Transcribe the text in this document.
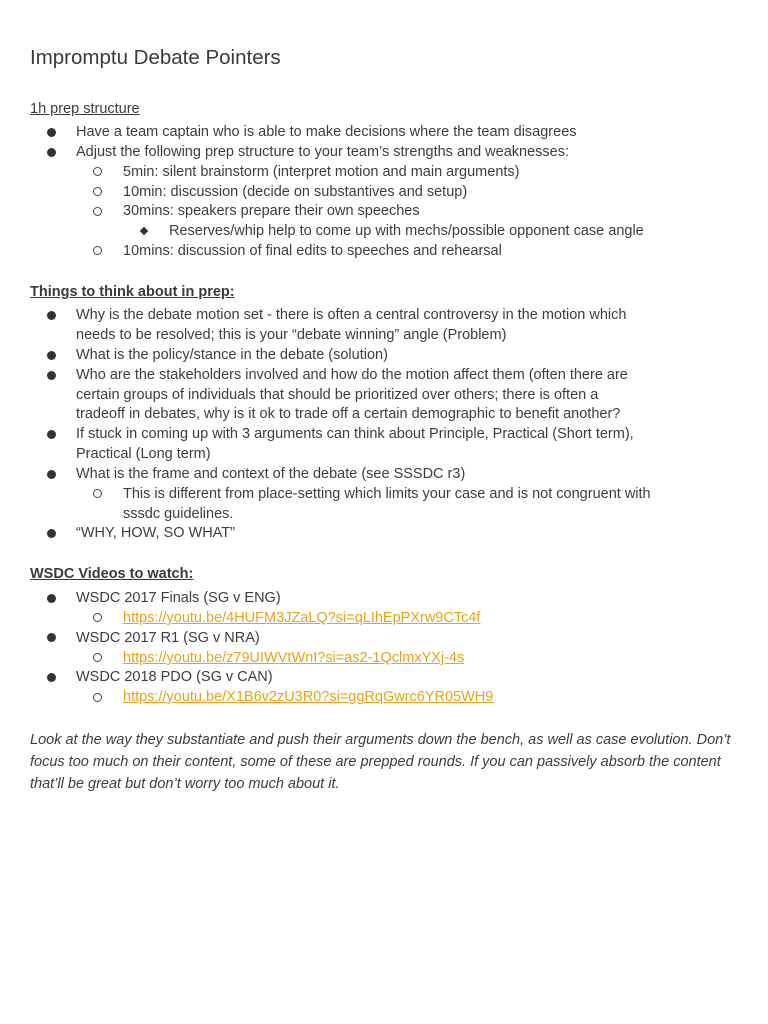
Impromptu Debate Pointers
1h prep structure
Have a team captain who is able to make decisions where the team disagrees
Adjust the following prep structure to your team’s strengths and weaknesses:
5min: silent brainstorm (interpret motion and main arguments)
10min: discussion (decide on substantives and setup)
30mins: speakers prepare their own speeches
Reserves/whip help to come up with mechs/possible opponent case angle
10mins: discussion of final edits to speeches and rehearsal
Things to think about in prep:
Why is the debate motion set - there is often a central controversy in the motion which
needs to be resolved; this is your “debate winning” angle (Problem)
What is the policy/stance in the debate (solution)
Who are the stakeholders involved and how do the motion affect them (often there are
certain groups of individuals that should be prioritized over others; there is often a
tradeoff in debates, why is it ok to trade off a certain demographic to benefit another?
If stuck in coming up with 3 arguments can think about Principle, Practical (Short term),
Practical (Long term)
What is the frame and context of the debate (see SSSDC r3)
This is different from place-setting which limits your case and is not congruent with
sssdc guidelines.
“WHY, HOW, SO WHAT”
WSDC Videos to watch:
WSDC 2017 Finals (SG v ENG)
https://youtu.be/4HUFM3JZaLQ?si=qLIhEpPXrw9CTc4f
WSDC 2017 R1 (SG v NRA)
https://youtu.be/z79UIWVtWnI?si=as2-1QclmxYXj-4s
WSDC 2018 PDO (SG v CAN)
https://youtu.be/X1B6v2zU3R0?si=ggRqGwrc6YR05WH9
Look at the way they substantiate and push their arguments down the bench, as well as case evolution. Don’t focus too much on their content, some of these are prepped rounds. If you can passively absorb the content that’ll be great but don’t worry too much about it.
